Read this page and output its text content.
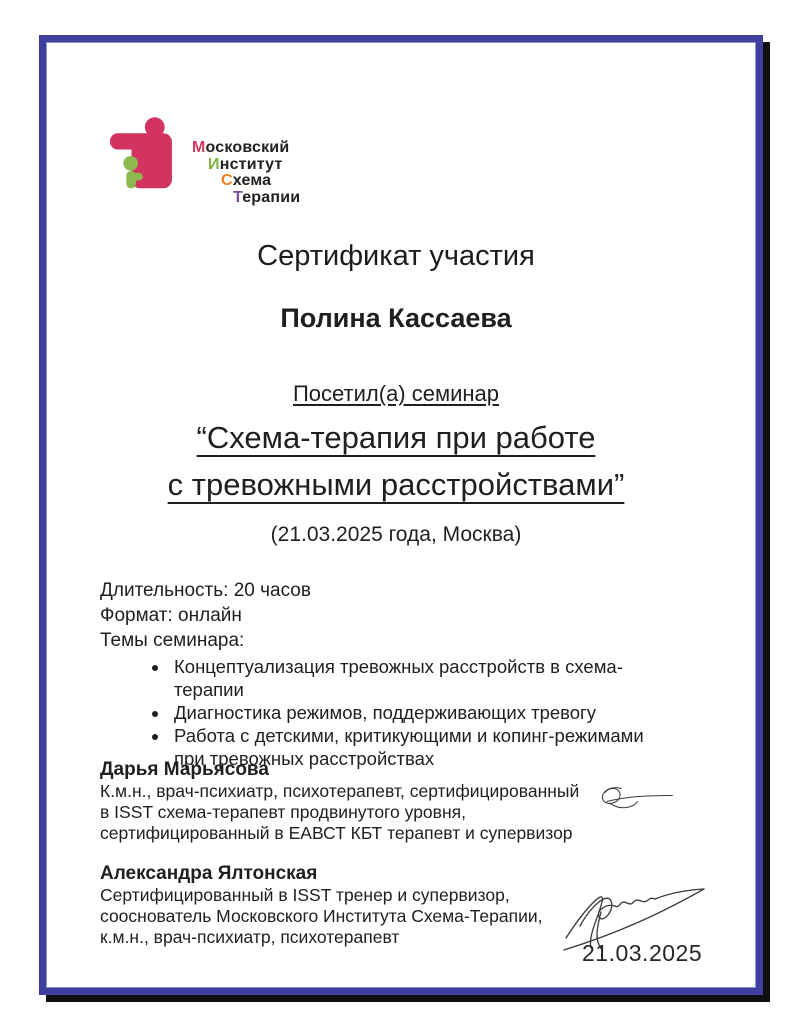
Московский
Институт
Схема
Терапии
Сертификат участия
Полина Кассаева
Посетил(а) семинар
“Схема-терапия при работе
с тревожными расстройствами”
(21.03.2025 года, Москва)
Длительность: 20 часов
Формат: онлайн
Темы семинара:
• Концептуализация тревожных расстройств в схема-терапии
• Диагностика режимов, поддерживающих тревогу
• Работа с детскими, критикующими и копинг-режимами при тревожных расстройствах
Дарья Марьясова
К.м.н., врач-психиатр, психотерапевт, сертифицированный
в ISST схема-терапевт продвинутого уровня,
сертифицированный в ЕАВСТ КБТ терапевт и супервизор
Александра Ялтонская
Сертифицированный в ISST тренер и супервизор,
сооснователь Московского Института Схема-Терапии,
к.м.н., врач-психиатр, психотерапевт
21.03.2025
